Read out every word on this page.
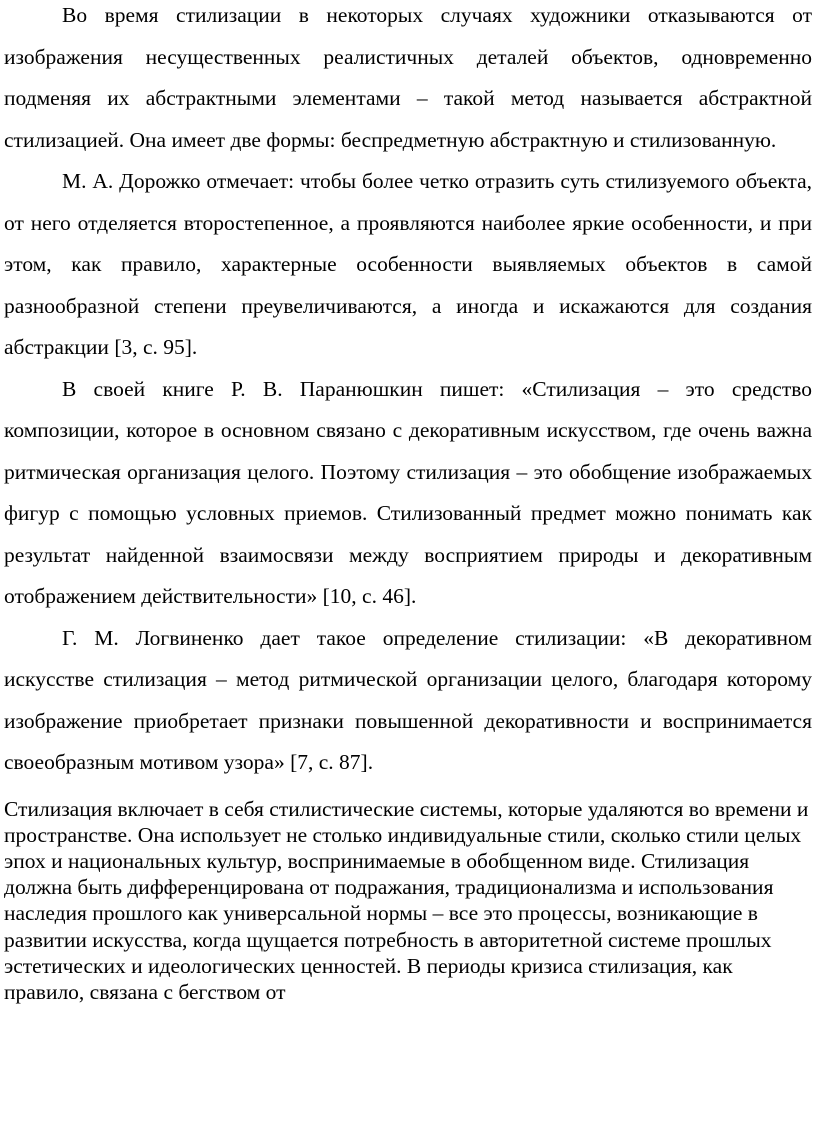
Во время стилизации в некоторых случаях художники отказываются от изображения несущественных реалистичных деталей объектов, одновременно подменяя их абстрактными элементами – такой метод называется абстрактной стилизацией. Она имеет две формы: беспредметную абстрактную и стилизованную.

М. А. Дорожко отмечает: чтобы более четко отразить суть стилизуемого объекта, от него отделяется второстепенное, а проявляются наиболее яркие особенности, и при этом, как правило, характерные особенности выявляемых объектов в самой разнообразной степени преувеличиваются, а иногда и искажаются для создания абстракции [3, с. 95].

В своей книге Р. В. Паранюшкин пишет: «Стилизация – это средство композиции, которое в основном связано с декоративным искусством, где очень важна ритмическая организация целого. Поэтому стилизация – это обобщение изображаемых фигур с помощью условных приемов. Стилизованный предмет можно понимать как результат найденной взаимосвязи между восприятием природы и декоративным отображением действительности» [10, с. 46].

Г. М. Логвиненко дает такое определение стилизации: «В декоративном искусстве стилизация – метод ритмической организации целого, благодаря которому изображение приобретает признаки повышенной декоративности и воспринимается своеобразным мотивом узора» [7, с. 87].

Стилизация включает в себя стилистические системы, которые удаляются во времени и пространстве. Она использует не столько индивидуальные стили, сколько стили целых эпох и национальных культур, воспринимаемые в обобщенном виде. Стилизация должна быть дифференцирована от подражания, традиционализма и использования наследия прошлого как универсальной нормы – все это процессы, возникающие в развитии искусства, когда щущается потребность в авторитетной системе прошлых эстетических и идеологических ценностей. В периоды кризиса стилизация, как правило, связана с бегством от
